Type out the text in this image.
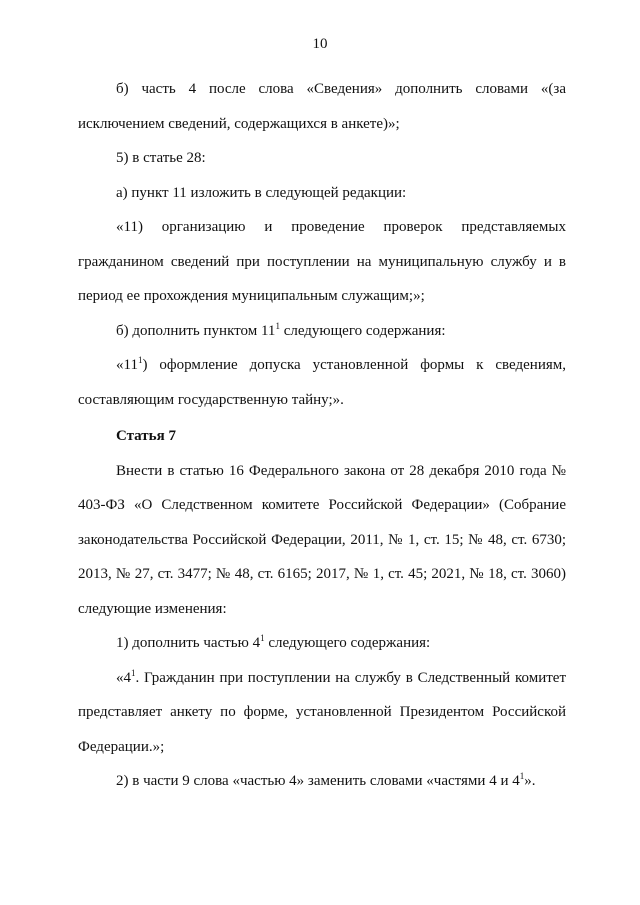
10

б) часть 4 после слова «Сведения» дополнить словами «(за исключением сведений, содержащихся в анкете)»;

5) в статье 28:

а) пункт 11 изложить в следующей редакции:

«11) организацию и проведение проверок представляемых гражданином сведений при поступлении на муниципальную службу и в период ее прохождения муниципальным служащим;»;

б) дополнить пунктом $11^1$ следующего содержания:

«$11^1$) оформление допуска установленной формы к сведениям, составляющим государственную тайну;».

Статья 7

Внести в статью 16 Федерального закона от 28 декабря 2010 года № 403-ФЗ «О Следственном комитете Российской Федерации» (Собрание законодательства Российской Федерации, 2011, № 1, ст. 15; № 48, ст. 6730; 2013, № 27, ст. 3477; № 48, ст. 6165; 2017, № 1, ст. 45; 2021, № 18, ст. 3060) следующие изменения:

1) дополнить частью $4^1$ следующего содержания:

«$4^1$. Гражданин при поступлении на службу в Следственный комитет представляет анкету по форме, установленной Президентом Российской Федерации.»;

2) в части 9 слова «частью 4» заменить словами «частями 4 и $4^1$».
